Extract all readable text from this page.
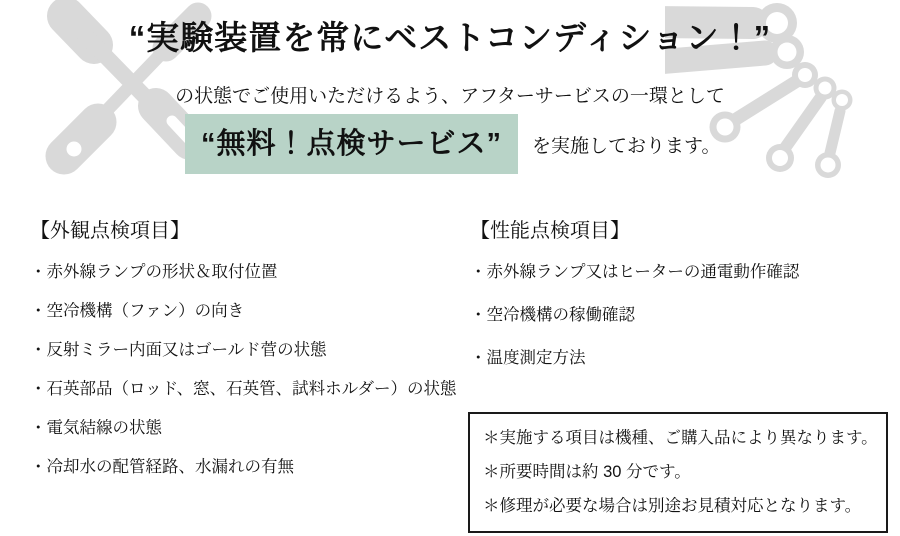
“実験装置を常にベストコンディション！”
の状態でご使用いただけるよう、アフターサービスの一環として
“無料！点検サービス”	を実施しております。
【外観点検項目】
・赤外線ランプの形状＆取付位置
・空冷機構（ファン）の向き
・反射ミラー内面又はゴールド菅の状態
・石英部品（ロッド、窓、石英管、試料ホルダー）の状態
・電気結線の状態
・冷却水の配管経路、水漏れの有無
【性能点検項目】
・赤外線ランプ又はヒーターの通電動作確認
・空冷機構の稼働確認
・温度測定方法

＊実施する項目は機種、ご購入品により異なります。

＊所要時間は約 30 分です。

＊修理が必要な場合は別途お見積対応となります。
